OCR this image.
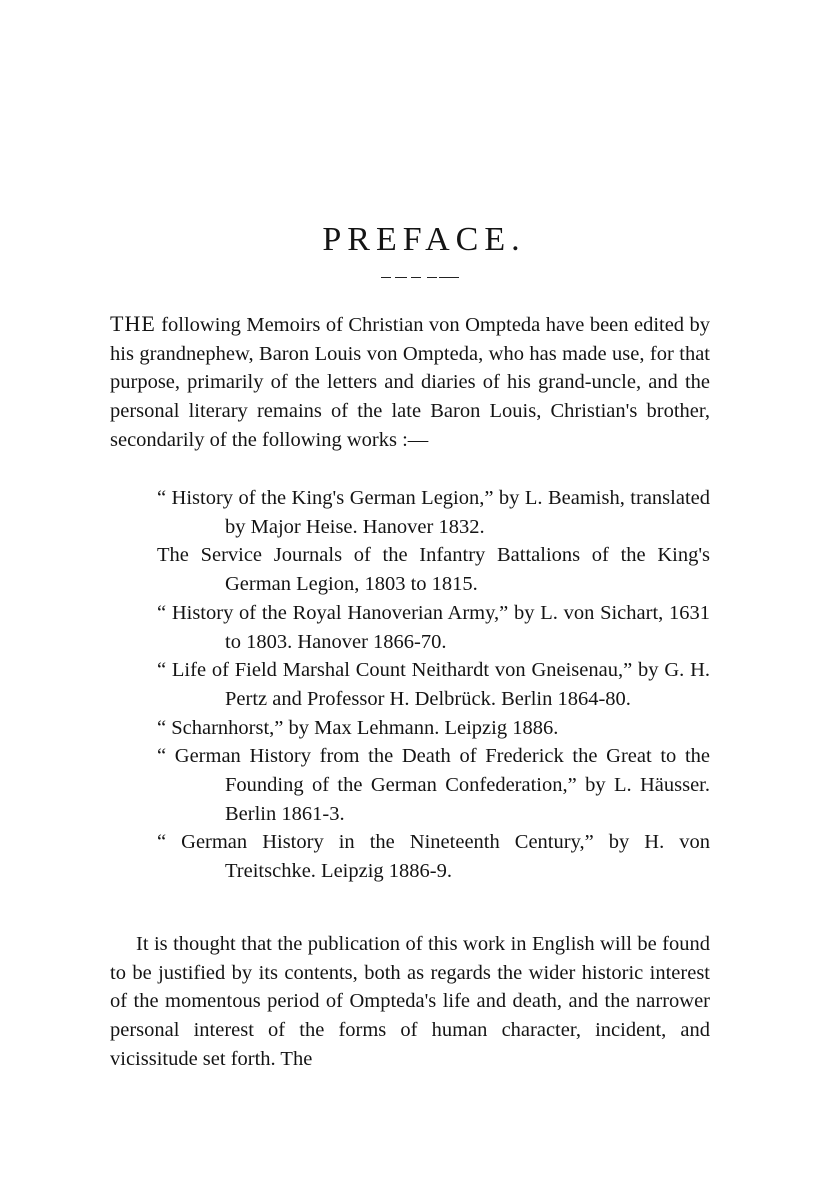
PREFACE.

THE following Memoirs of Christian von Ompteda have been edited by his grandnephew, Baron Louis von Ompteda, who has made use, for that purpose, primarily of the letters and diaries of his grand-uncle, and the personal literary remains of the late Baron Louis, Christian's brother, secondarily of the following works :—

“ History of the King's German Legion,” by L. Beamish, translated by Major Heise. Hanover 1832.
The Service Journals of the Infantry Battalions of the King's German Legion, 1803 to 1815.
“ History of the Royal Hanoverian Army,” by L. von Sichart, 1631 to 1803. Hanover 1866-70.
“ Life of Field Marshal Count Neithardt von Gneisenau,” by G. H. Pertz and Professor H. Delbrück. Berlin 1864-80.
“ Scharnhorst,” by Max Lehmann. Leipzig 1886.
“ German History from the Death of Frederick the Great to the Founding of the German Confederation,” by L. Häusser. Berlin 1861-3.
“ German History in the Nineteenth Century,” by H. von Treitschke. Leipzig 1886-9.

It is thought that the publication of this work in English will be found to be justified by its contents, both as regards the wider historic interest of the momentous period of Ompteda's life and death, and the narrower personal interest of the forms of human character, incident, and vicissitude set forth. The
